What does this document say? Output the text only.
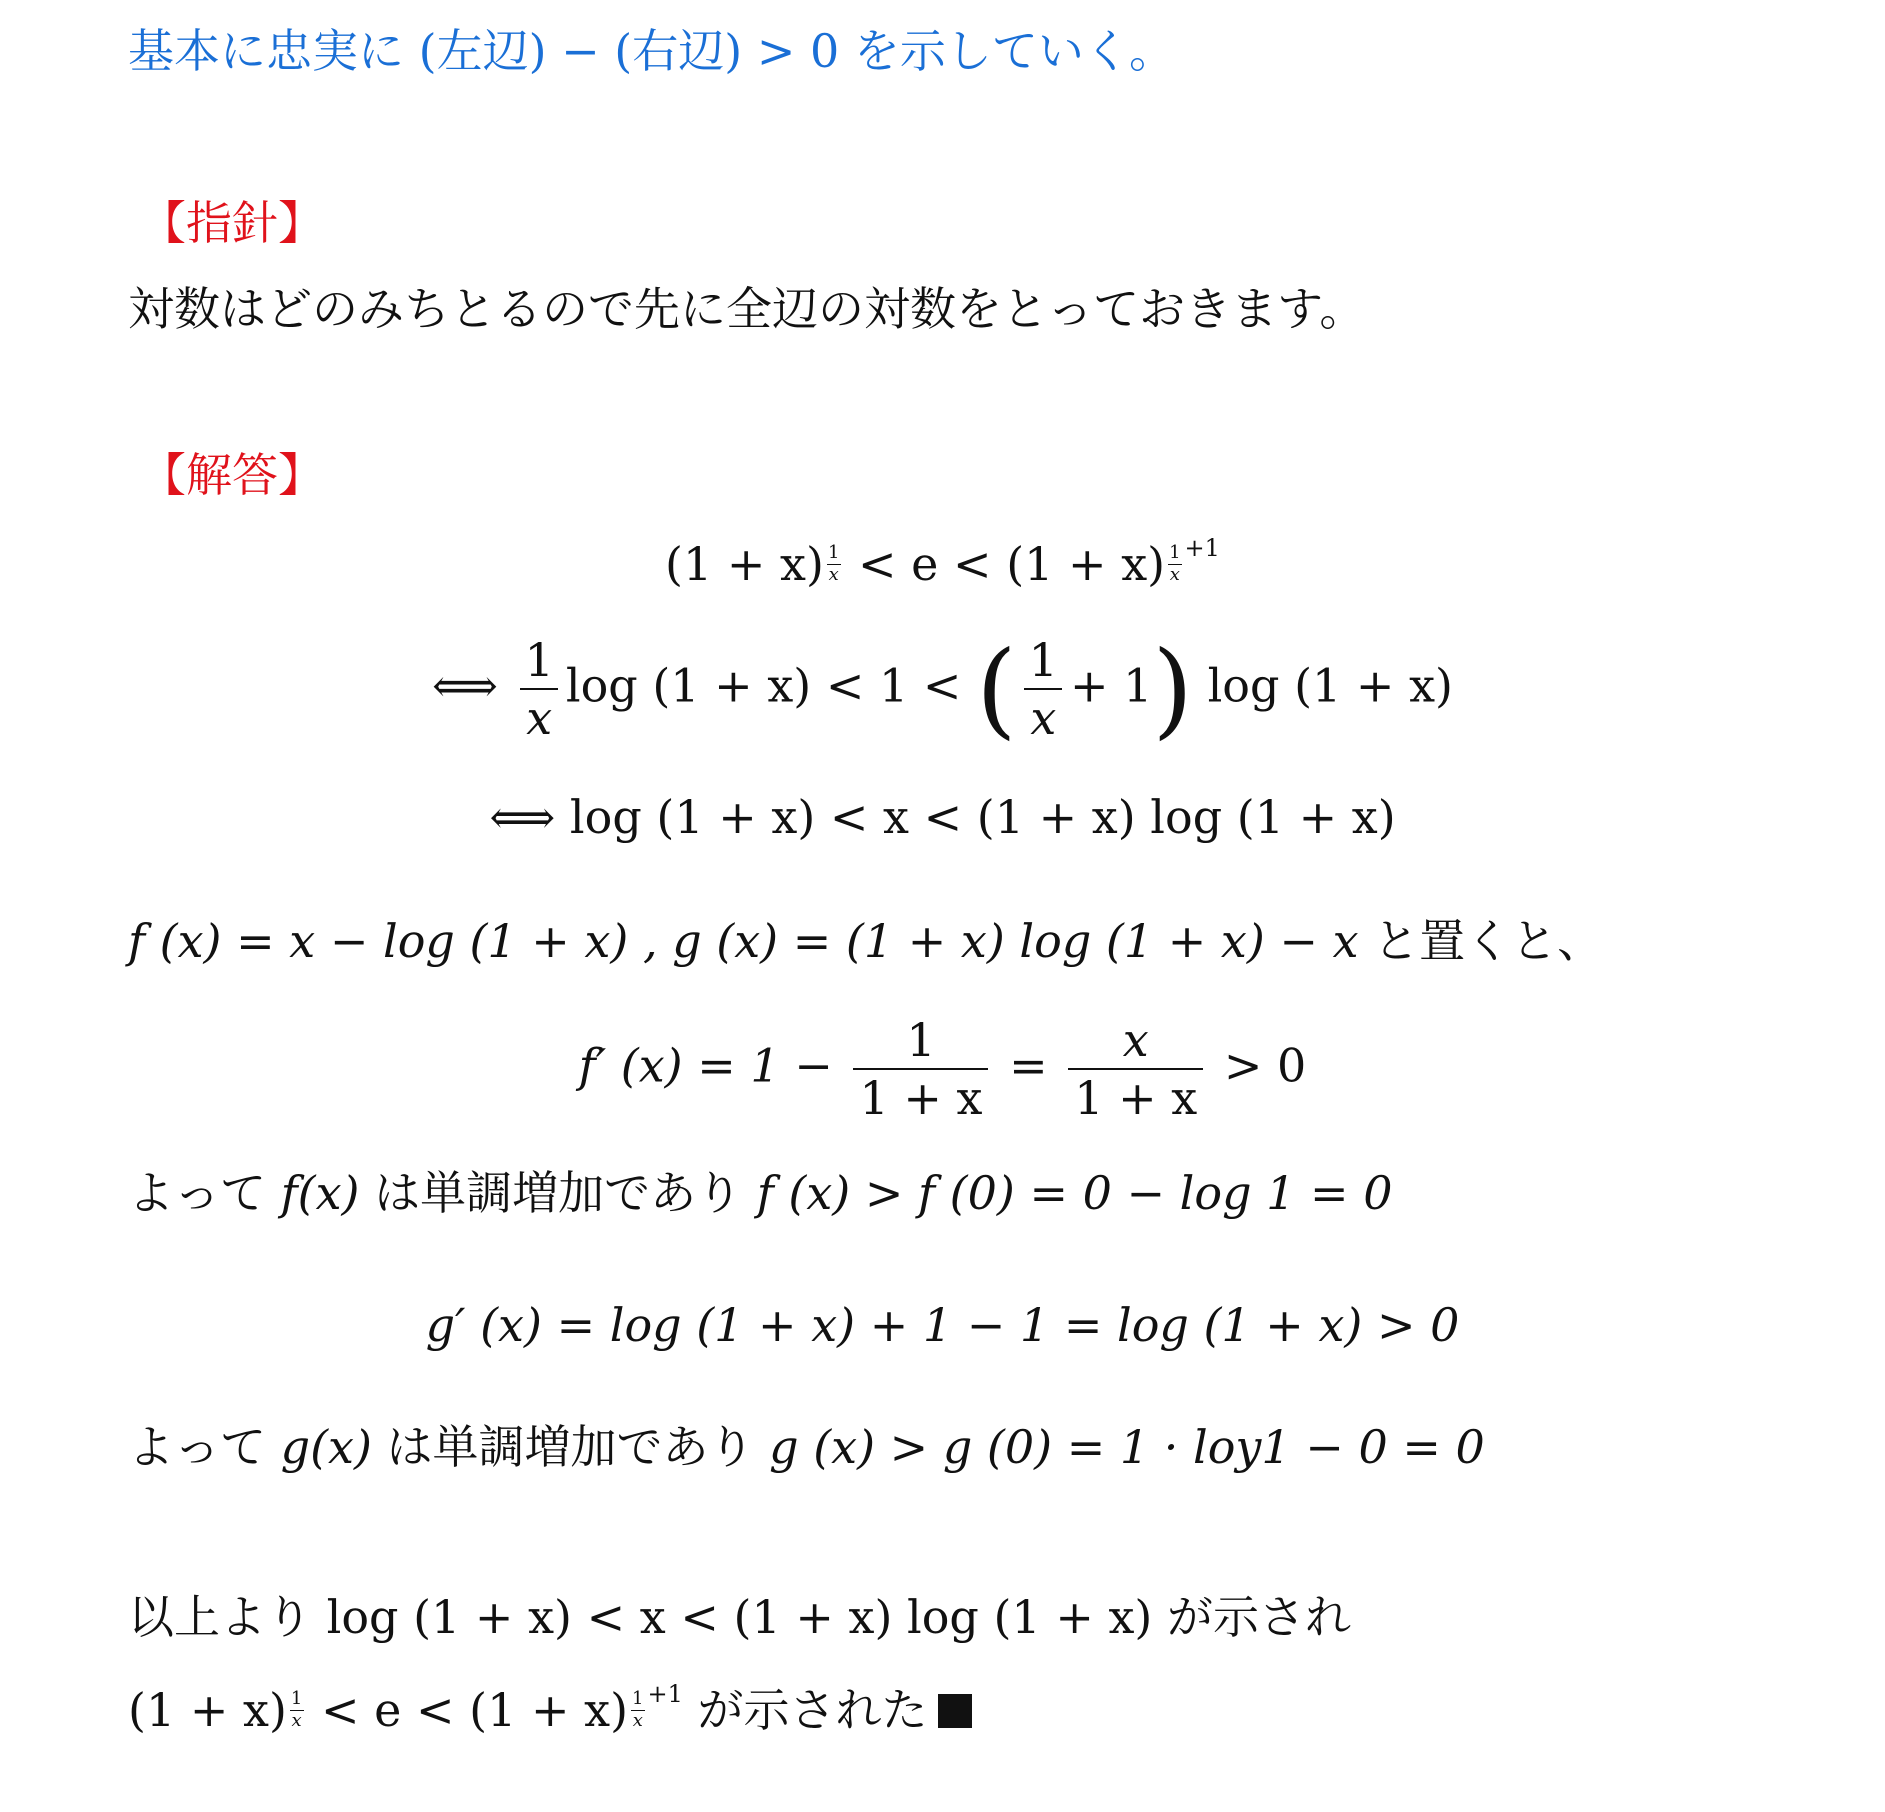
基本に忠実に (左辺) − (右辺) > 0 を示していく。
【指針】
対数はどのみちとるので先に全辺の対数をとっておきます。
【解答】
$(1 + x) \frac{1}{x} < e < (1 + x) \frac{1}{x} +1$
⟺ $\frac{1}{x}$ log (1 + x) < 1 < ( $\frac{1}{x} + 1$) log (1 + x)
⟺ log (1 + x) < x < (1 + x) log (1 + x)
f (x) = x − log (1 + x) , g (x) = (1 + x) log (1 + x) − x と置くと、
f′ $(x) = 1 - \frac{1}{1 + x} = \frac{x}{1 + x} > 0$
よって f(x) は単調増加であり f (x) > f (0) = 0 − log 1 = 0
g′ (x) = log (1 + x) + 1 − 1 = log (1 + x) > 0
よって g(x) は単調増加であり g (x) > g (0) = 1 · loy1 − 0 = 0
以上より log (1 + x) < x < (1 + x) log (1 + x) が示され
$(1 + x) \frac{1}{x} < e < (1 + x) \frac{1}{x} +1$ が示された
